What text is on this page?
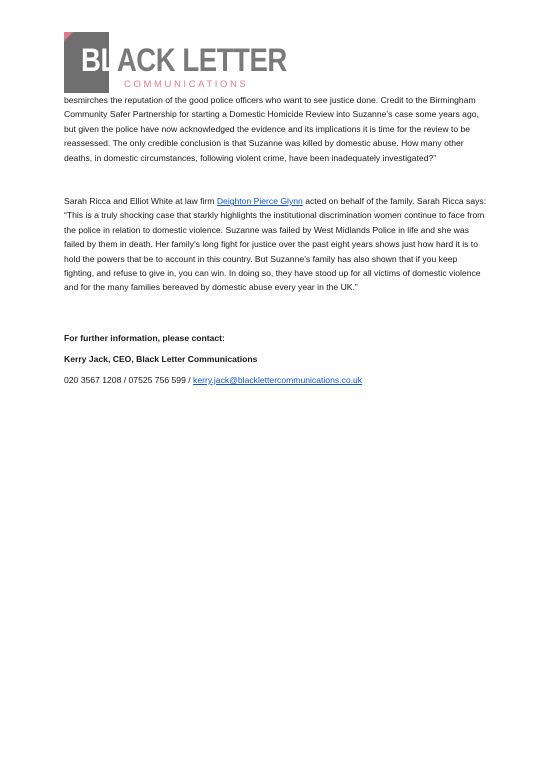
BLACK LETTER
COMMUNICATIONS

besmirches the reputation of the good police officers who want to see justice done. Credit to the Birmingham Community Safer Partnership for starting a Domestic Homicide Review into Suzanne’s case some years ago, but given the police have now acknowledged the evidence and its implications it is time for the review to be reassessed. The only credible conclusion is that Suzanne was killed by domestic abuse. How many other deaths, in domestic circumstances, following violent crime, have been inadequately investigated?”

Sarah Ricca and Elliot White at law firm Deighton Pierce Glynn acted on behalf of the family. Sarah Ricca says: “This is a truly shocking case that starkly highlights the institutional discrimination women continue to face from the police in relation to domestic violence. Suzanne was failed by West Midlands Police in life and she was failed by them in death. Her family’s long fight for justice over the past eight years shows just how hard it is to hold the powers that be to account in this country. But Suzanne’s family has also shown that if you keep fighting, and refuse to give in, you can win. In doing so, they have stood up for all victims of domestic violence and for the many families bereaved by domestic abuse every year in the UK.”

For further information, please contact:

Kerry Jack, CEO, Black Letter Communications

020 3567 1208 / 07525 756 599 / kerry.jack@blacklettercommunications.co.uk
